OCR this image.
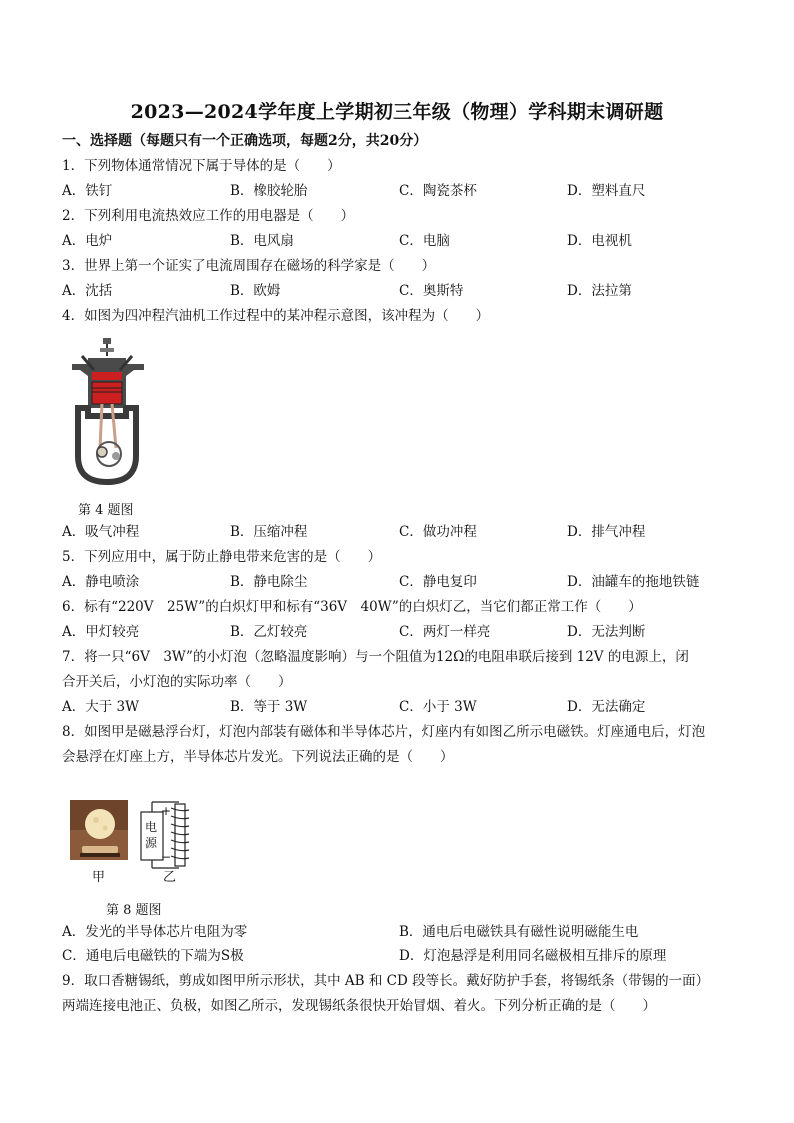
2023—2024学年度上学期初三年级（物理）学科期末调研题
一、选择题（每题只有一个正确选项，每题2分，共20分）
1．下列物体通常情况下属于导体的是（　　）
A．铁钉	B．橡胶轮胎	C．陶瓷茶杯	D．塑料直尺
2．下列利用电流热效应工作的用电器是（　　）
A．电炉	B．电风扇	C．电脑	D．电视机
3．世界上第一个证实了电流周围存在磁场的科学家是（　　）
A．沈括	B．欧姆	C．奥斯特	D．法拉第
4．如图为四冲程汽油机工作过程中的某冲程示意图，该冲程为（　　）
第 4 题图
A．吸气冲程	B．压缩冲程	C．做功冲程	D．排气冲程
5．下列应用中，属于防止静电带来危害的是（　　）
A．静电喷涂	B．静电除尘	C．静电复印	D．油罐车的拖地铁链
6．标有“220V　25W”的白炽灯甲和标有“36V　40W”的白炽灯乙，当它们都正常工作（　　）
A．甲灯较亮	B．乙灯较亮	C．两灯一样亮	D．无法判断
7．将一只“6V　3W”的小灯泡（忽略温度影响）与一个阻值为12Ω的电阻串联后接到 12V 的电源上，闭
合开关后，小灯泡的实际功率（　　）
A．大于 3W	B．等于 3W	C．小于 3W	D．无法确定
8．如图甲是磁悬浮台灯，灯泡内部装有磁体和半导体芯片，灯座内有如图乙所示电磁铁。灯座通电后，灯泡
会悬浮在灯座上方，半导体芯片发光。下列说法正确的是（　　）
甲
+
电
源
−
乙
第 8 题图
A．发光的半导体芯片电阻为零	B．通电后电磁铁具有磁性说明磁能生电
C．通电后电磁铁的下端为S极	D．灯泡悬浮是利用同名磁极相互排斥的原理
9．取口香糖锡纸，剪成如图甲所示形状，其中 AB 和 CD 段等长。戴好防护手套，将锡纸条（带锡的一面）
两端连接电池正、负极，如图乙所示，发现锡纸条很快开始冒烟、着火。下列分析正确的是（　　）
